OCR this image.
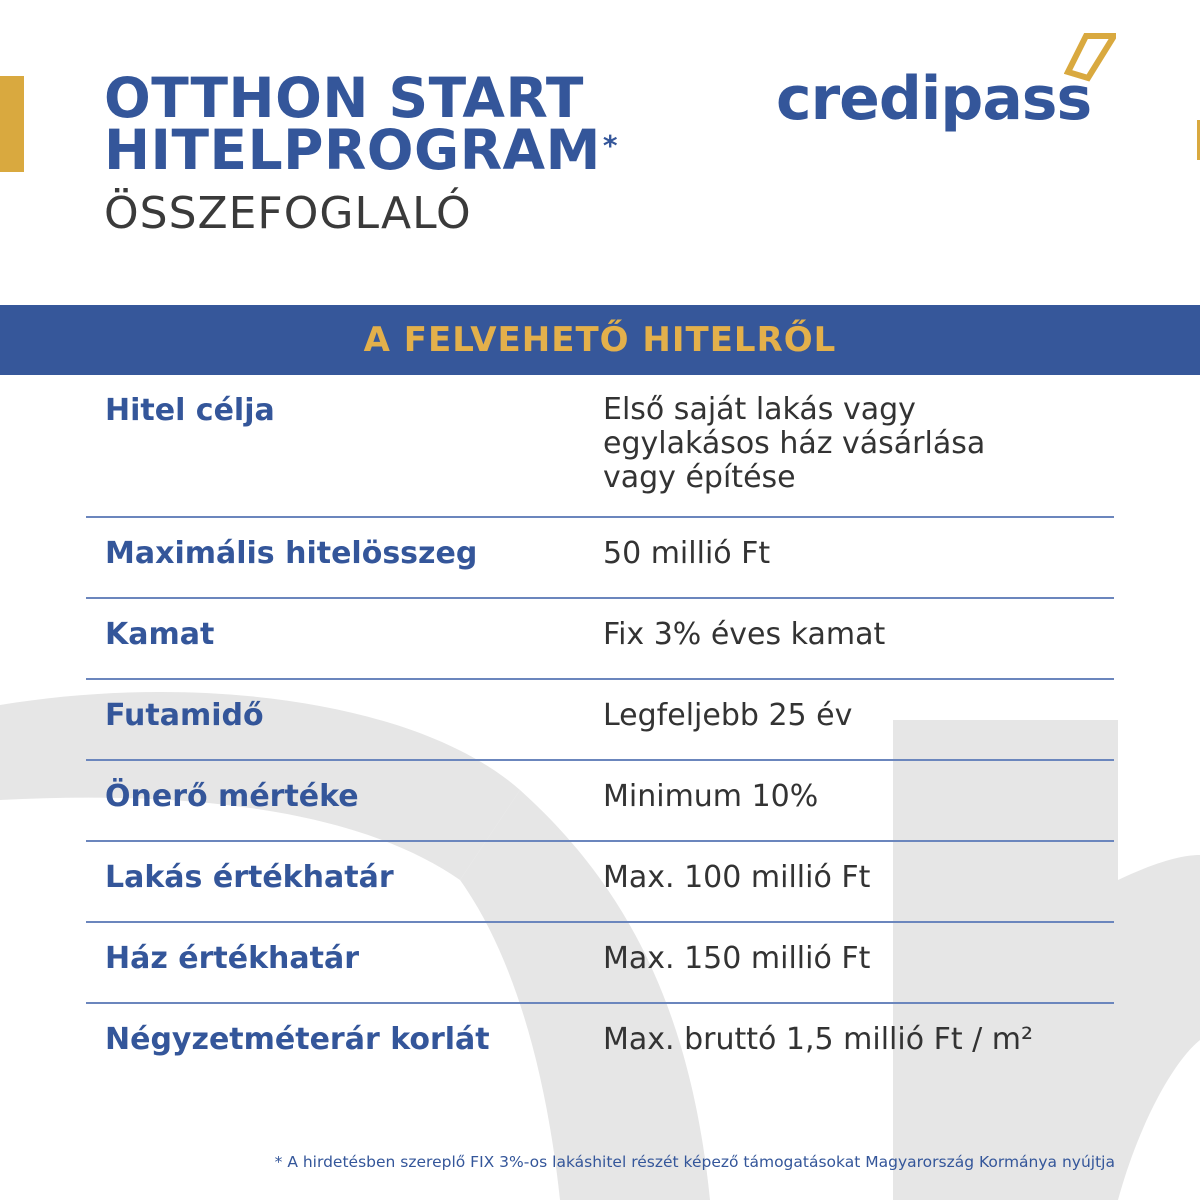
OTTHON START
HITELPROGRAM*
ÖSSZEFOGLALÓ
credipass
A FELVEHETŐ HITELRŐL
Hitel célja	Első saját lakás vagy
egylakásos ház vásárlása
vagy építése
Maximális hitelösszeg	50 millió Ft
Kamat	Fix 3% éves kamat
Futamidő	Legfeljebb 25 év
Önerő mértéke	Minimum 10%
Lakás értékhatár	Max. 100 millió Ft
Ház értékhatár	Max. 150 millió Ft
Négyzetméterár korlát	Max. bruttó 1,5 millió Ft / m²
* A hirdetésben szereplő FIX 3%-os lakáshitel részét képező támogatásokat Magyarország Kormánya nyújtja
